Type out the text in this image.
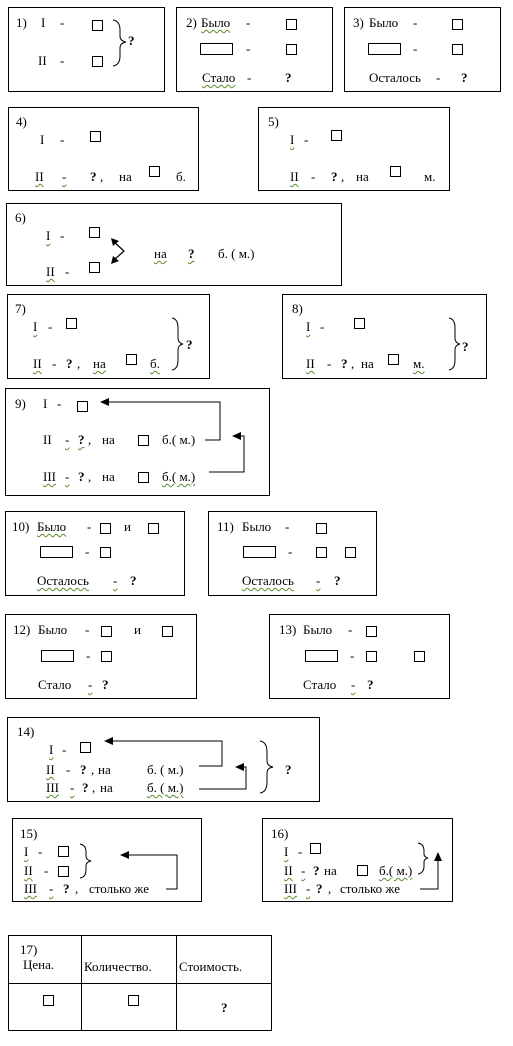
1) I -
II -
?
2) Было -
-
Стало -	?
3) Было -
-
Осталось - ?
4)
I -
II - ? , на	б.
5)
I -
II - ? , на	м.
6)
I -
II -
на ? б. ( м.)
7)
I -
II - ? , на	б.
?
8)
I -
II - ? , на	м.
?
9) I -
II - ? , на	б.( м.)
III - ? , на	б.( м.)
10) Было -	и
-
Осталось - ?
11) Было -
-
Осталось - ?
12) Было -	и
-
Стало - ?
13) Было -
-
Стало - ?
14)
I -
II - ? , на	б. ( м.)
III - ? , на	б. ( м.)
?
15)
I -
II -
III - ? , столько же
16)
I -
II - ? на	б.( м.)
III - ? , столько же
17)
Цена.	Количество.	Стоимость.

		?
